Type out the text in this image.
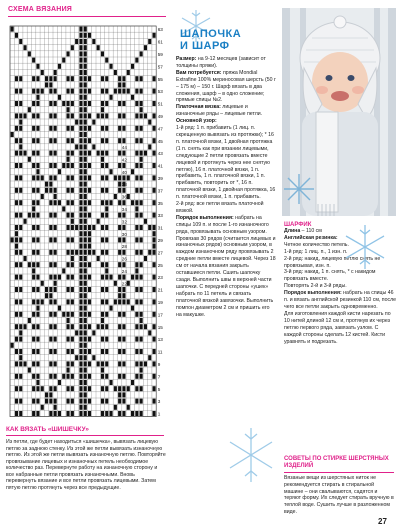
СХЕМА ВЯЗАНИЯ
63
61
59
57
55
53
51
49
47
45
43
41
39
37
35
33
31
29
27
25
23
21
19
17
15
13
11
9
7
5
3
1
44
42
40
38
36
34
32
30
28
26
24
22
КАК ВЯЗАТЬ «ШИШЕЧКУ»
Из петли, где будет находиться «шишечка», вывязать лицевую петлю за заднюю стенку. Из этой же петли вывязать изнаночную петлю. Из этой же петли вывязать изнаночную петлю. Повторяйте провязывание лицевых и изнаночных петель необходимое количество раз. Перевернуте работу на изнаночную сторону и все набранные петли провязать изнаночными. Вновь перевернуть вязание и все петли провязать лицевыми. Затем пятую петлю протянуть через все предыдущие.
ШАПОЧКА
И ШАРФ
Размер: на 9-12 месяцев (зависит от толщины пряжи).
Вам потребуется: пряжа Mondial Extrafine 100% мериносовая шерсть (50 г – 175 м) – 150 г. Шарф вязать в два сложения, шарф – в одно сложение; прямые спицы №2.
Платочная вязка: лицевые и изнаночные ряды – лицевые петли.
Основной узор:
1-й ряд: 1 п. прибавить (1 лиц. п. скрещенную вывязать из протяжки); * 16 п. платочной вязки, 1 двойная протяжка (1 п. снять как при вязании лицевыми, следующие 2 петли провязать вместе лицевой и протянуть через нее снятую петлю), 16 п. платочной вязки, 1 п. прибавить, 1 п. платочной вязки, 1 п. прибавить, повторить от *, 16 п. платочной вязки, 1 двойная протяжка, 16 п. платочной вязки, 1 п. прибавить.
2-й ряд: все петли вязать платочной вязкой.
Порядок выполнения: набрать на спицы 109 п. и после 1-го изнаночного ряда, провязывать основным узором. Провязав 30 рядов (считается лицевых и изнаночных рядов) основным узором, в каждом изнаночном ряду провязывать 2 средние петли вместе лицевой. Через 18 см от начала вязания закрыть оставшиеся петли. Сшить шапочку сзади. Выполнить швы в верхней части шапочки. С передней стороны «ушек» набрать по 11 петель и связать платочной вязкой завязочки. Выполнить помпон диаметром 2 см и пришить его на макушке.
ШАРФИК
Длина – 110 см
Английская резинка:
Четное количество петель.
1-й ряд: 1 лиц. п., 1 изн. п.
2-й ряд: накид, лицевую петлю снять не провязывая, изн. п.
3-й ряд: накид, 1 п. снять, * с накидом провязать вместе.
Повторять 2-й и 3-й ряды.
Порядок выполнения: набрать на спицы 46 п. и вязать английской резинкой 110 см, после чего все петли закрыть одновременно.
Для изготовления каждой кисти нарезать по 10 нитей длиной 12 см и, протянув их через петлю первого ряда, завязать узлом. С каждой стороны сделать 12 кистей. Кисти уравнять и подрезать.
СОВЕТЫ ПО СТИРКЕ ШЕРСТЯНЫХ ИЗДЕЛИЙ
Вязаные вещи из шерстяных ниток не рекомендуется стирать в стиральной машине – они свалываются, садятся и теряют форму. Их следует стирать вручную в теплой воде. Сушить лучше в разложенном виде.
27
